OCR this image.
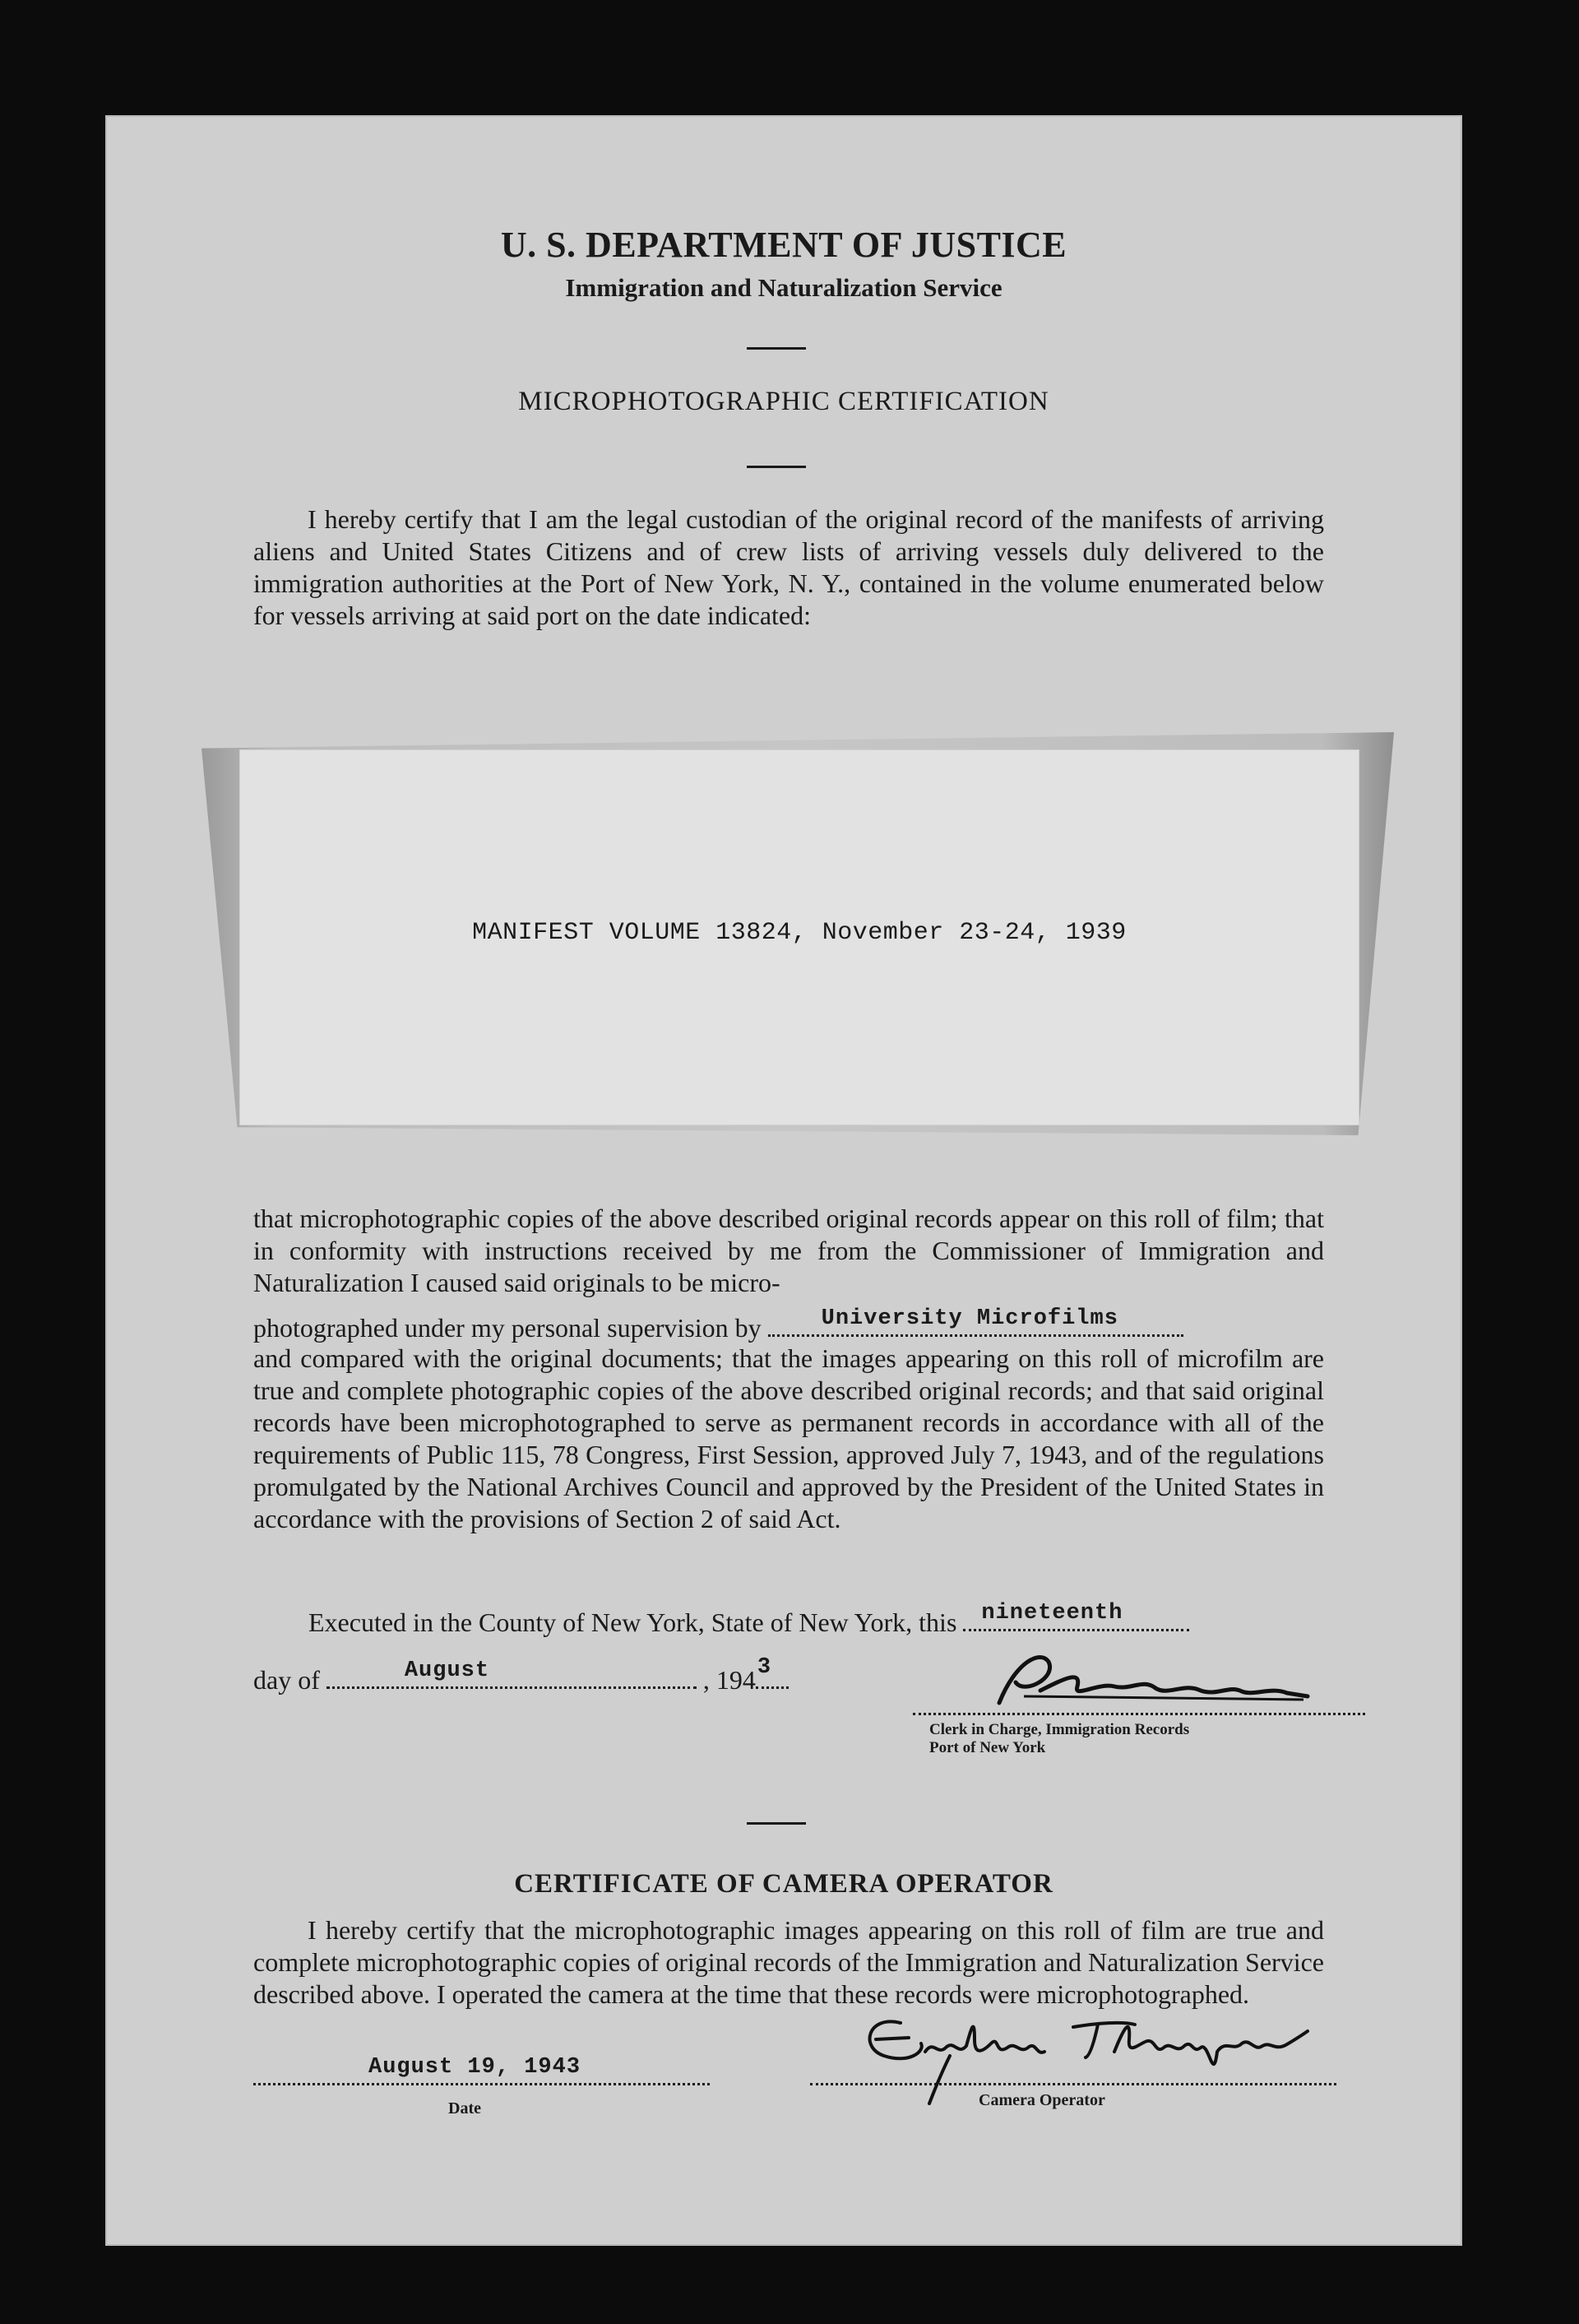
U. S. DEPARTMENT OF JUSTICE
Immigration and Naturalization Service
MICROPHOTOGRAPHIC CERTIFICATION

I hereby certify that I am the legal custodian of the original record of the manifests of arriving aliens and United States Citizens and of crew lists of arriving vessels duly delivered to the immigration authorities at the Port of New York, N. Y., contained in the volume enumerated below for vessels arriving at said port on the date indicated:

MANIFEST VOLUME 13824, November 23-24, 1939

that microphotographic copies of the above described original records appear on this roll of film; that in conformity with instructions received by me from the Commissioner of Immigration and Naturalization I caused said originals to be micro-

photographed under my personal supervision by	University Microfilms

and compared with the original documents; that the images appearing on this roll of microfilm are true and complete photographic copies of the above described original records; and that said original records have been microphotographed to serve as permanent records in accordance with all of the requirements of Public 115, 78 Congress, First Session, approved July 7, 1943, and of the regulations promulgated by the National Archives Council and approved by the President of the United States in accordance with the provisions of Section 2 of said Act.

Executed in the County of New York, State of New York, this nineteenth
day of	August	, 194 3
Clerk in Charge, Immigration Records
Port of New York
CERTIFICATE OF CAMERA OPERATOR

I hereby certify that the microphotographic images appearing on this roll of film are true and complete microphotographic copies of original records of the Immigration and Naturalization Service described above. I operated the camera at the time that these records were microphotographed.

August 19, 1943
Date	Camera Operator
